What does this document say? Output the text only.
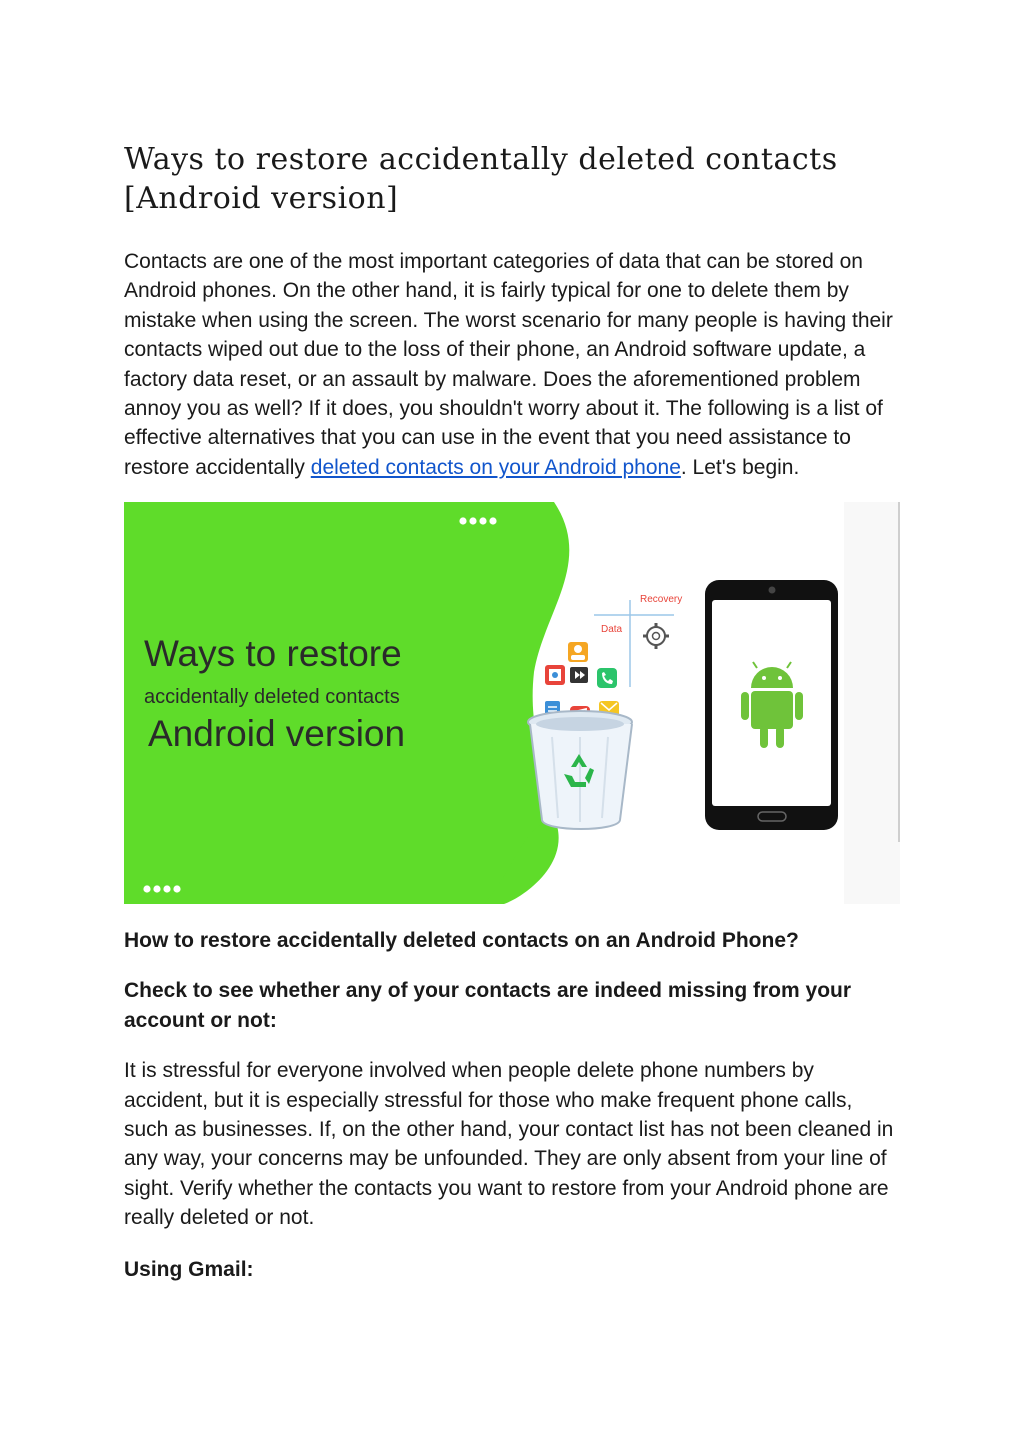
Ways to restore accidentally deleted contacts [Android version]

Contacts are one of the most important categories of data that can be stored on Android phones. On the other hand, it is fairly typical for one to delete them by mistake when using the screen. The worst scenario for many people is having their contacts wiped out due to the loss of their phone, an Android software update, a factory data reset, or an assault by malware. Does the aforementioned problem annoy you as well? If it does, you shouldn't worry about it. The following is a list of effective alternatives that you can use in the event that you need assistance to restore accidentally deleted contacts on your Android phone. Let's begin.

Ways to restore
accidentally deleted contacts
Android version
Recovery
Data

How to restore accidentally deleted contacts on an Android Phone?

Check to see whether any of your contacts are indeed missing from your account or not:

It is stressful for everyone involved when people delete phone numbers by accident, but it is especially stressful for those who make frequent phone calls, such as businesses. If, on the other hand, your contact list has not been cleaned in any way, your concerns may be unfounded. They are only absent from your line of sight. Verify whether the contacts you want to restore from your Android phone are really deleted or not.

Using Gmail:
